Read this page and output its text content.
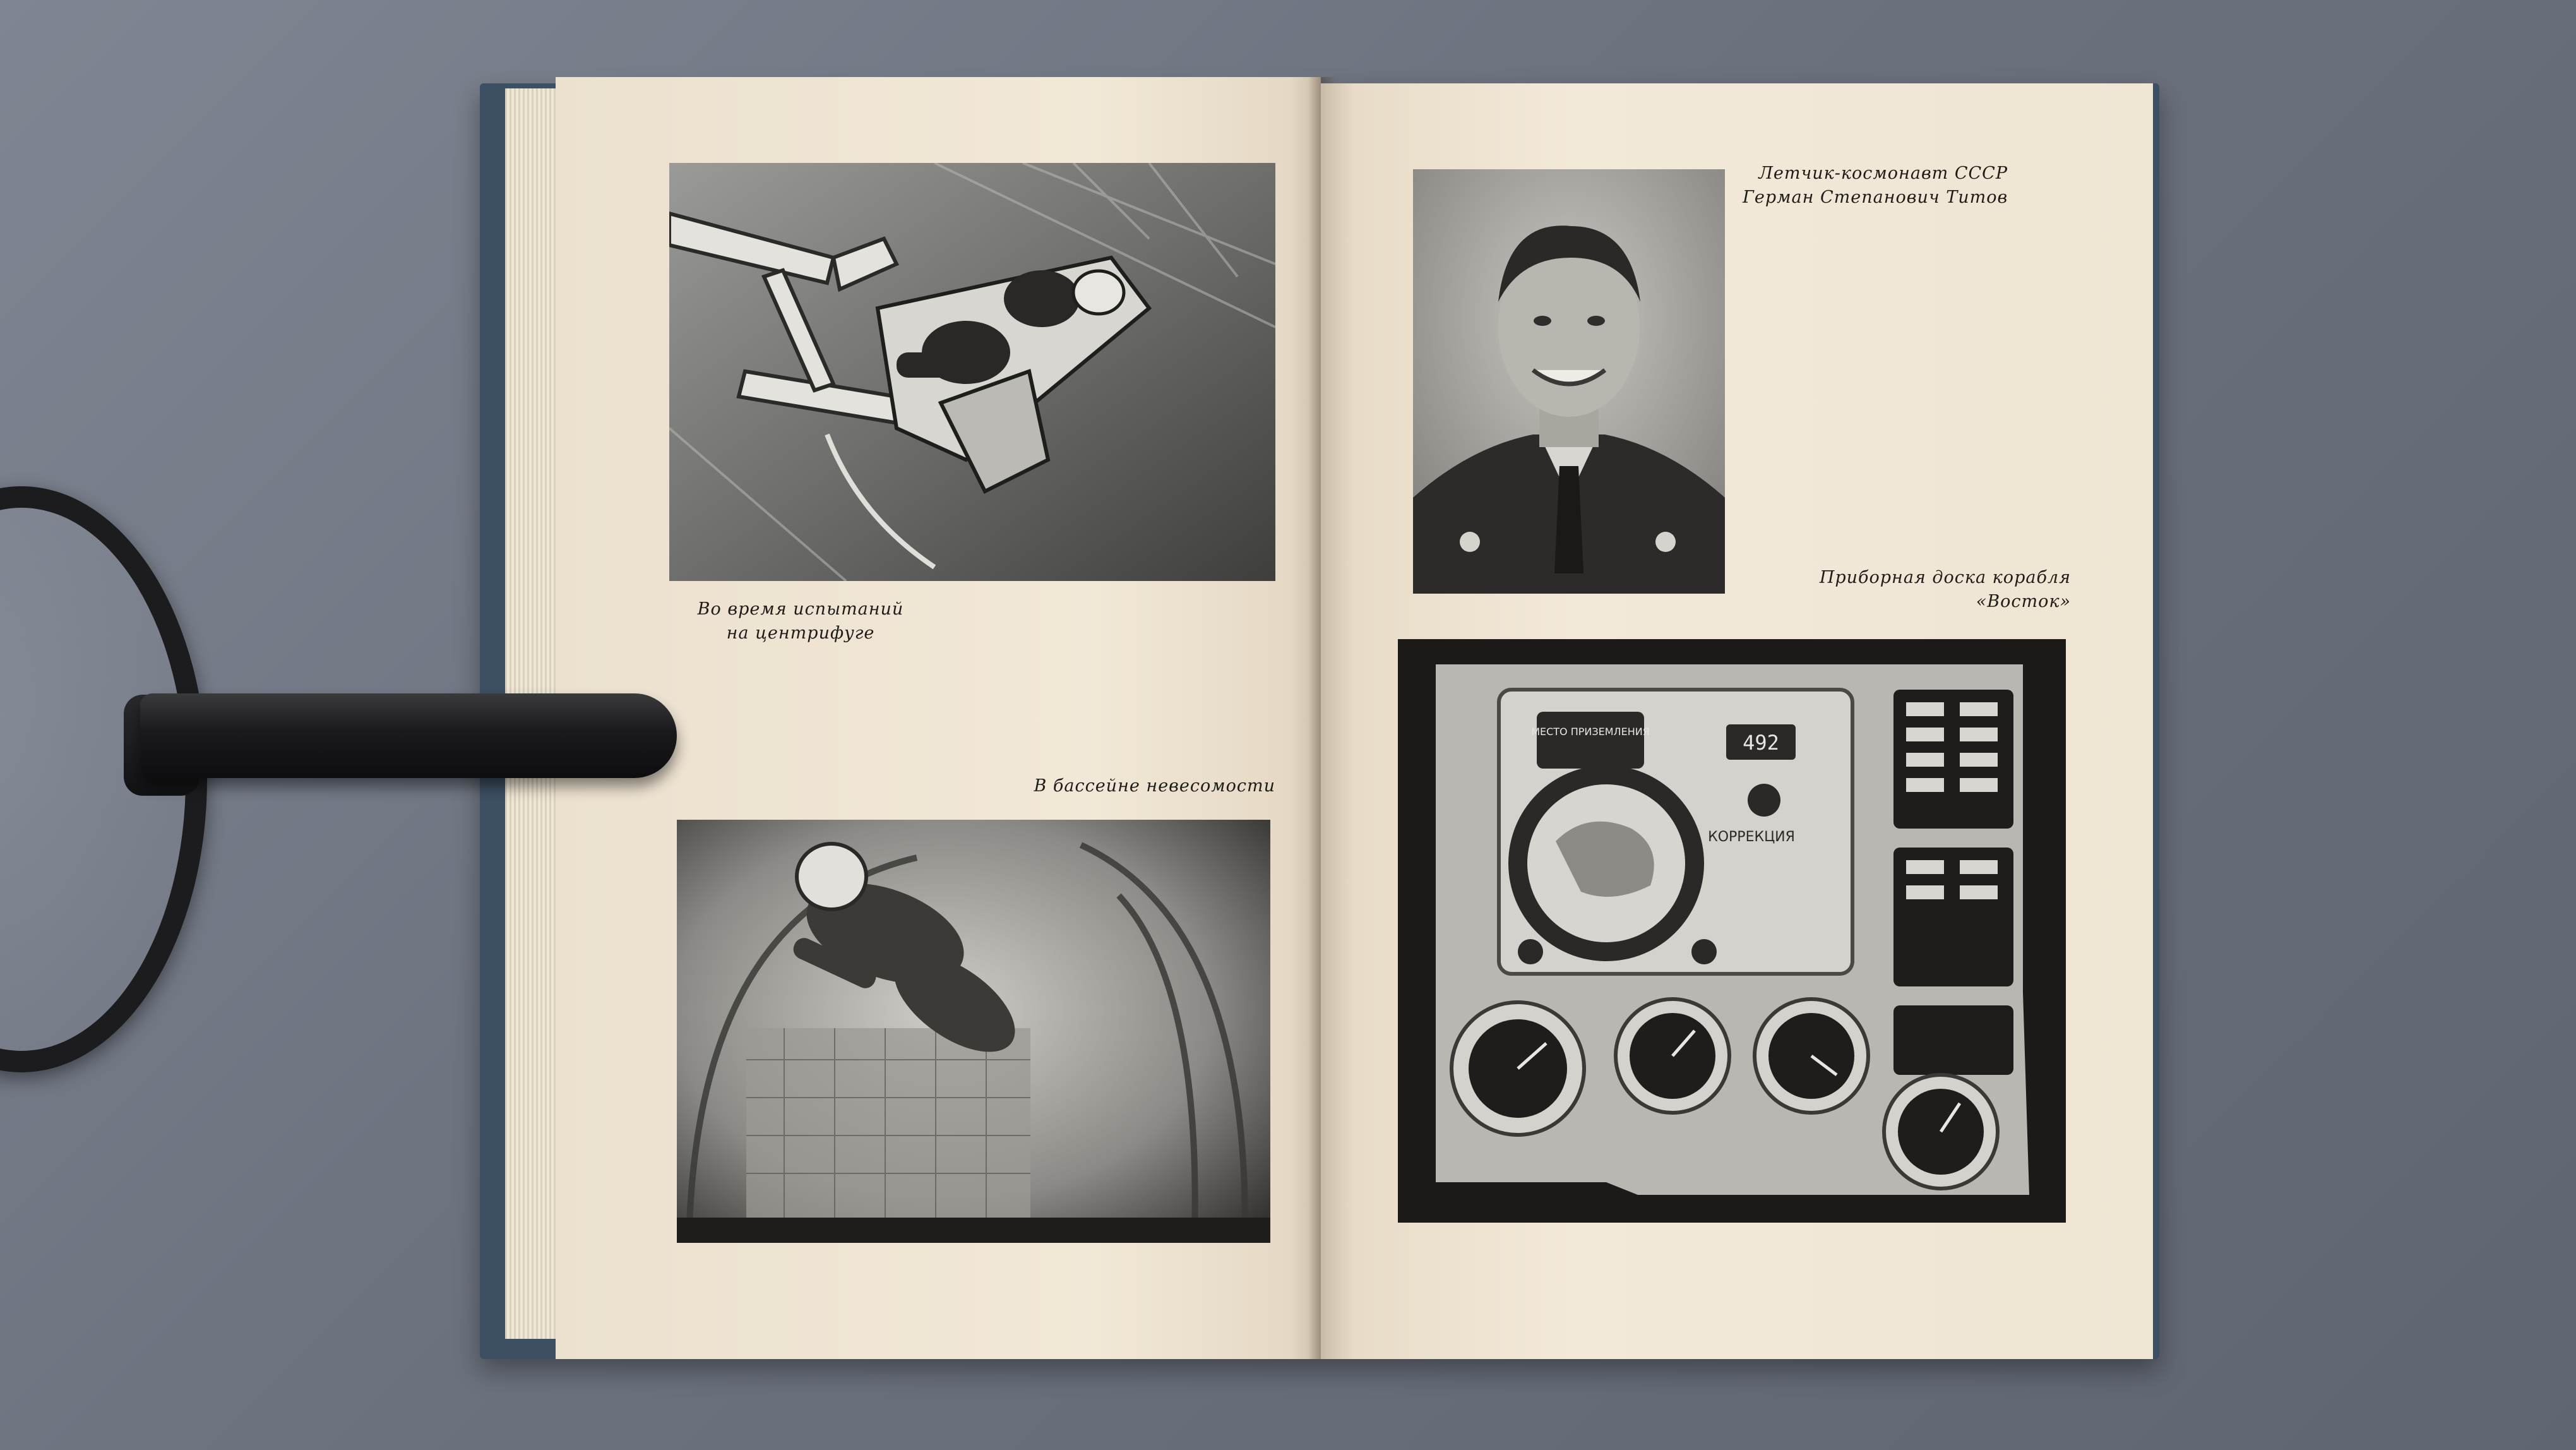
Во время испытаний
на центрифуге
В бассейне невесомости
Летчик-космонавт СССР
Герман Степанович Титов
Приборная доска корабля
«Восток»
МЕСТО ПРИЗЕМЛЕНИЯ	492
КОРРЕКЦИЯ
